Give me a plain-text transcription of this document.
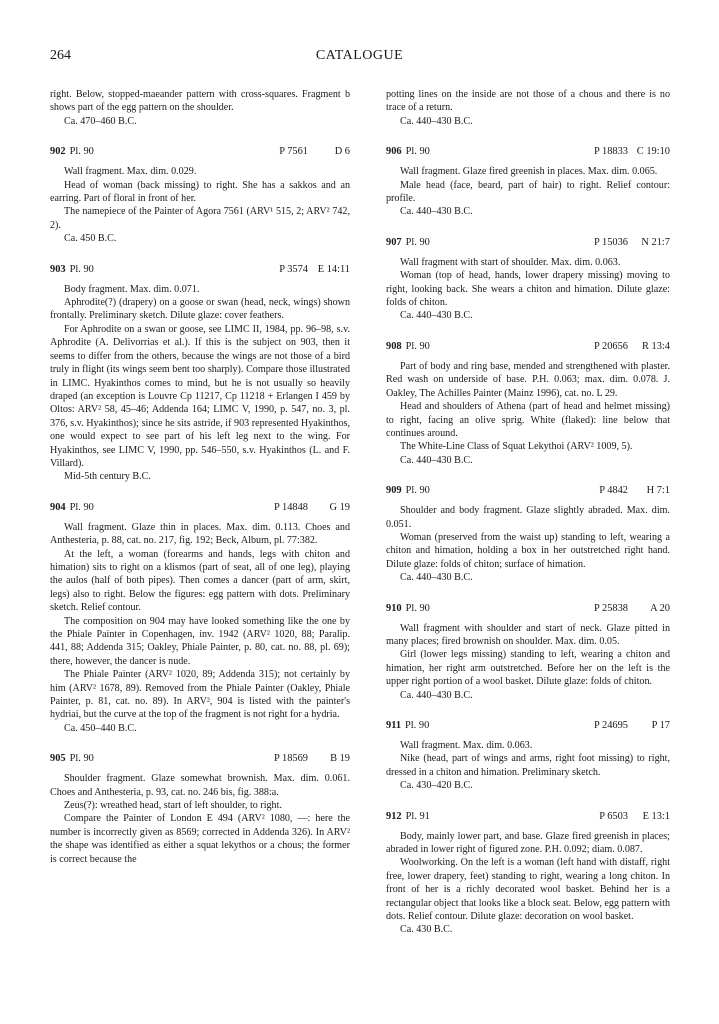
264	CATALOGUE

right. Below, stopped-maeander pattern with cross-squares. Fragment b shows part of the egg pattern on the shoulder.

Ca. 470–460 B.C.

902 Pl. 90	P 7561	D 6

Wall fragment. Max. dim. 0.029.

Head of woman (back missing) to right. She has a sakkos and an earring. Part of floral in front of her.

The namepiece of the Painter of Agora 7561 (ARV¹ 515, 2; ARV² 742, 2).

Ca. 450 B.C.

903 Pl. 90	P 3574 E 14:11

Body fragment. Max. dim. 0.071.

Aphrodite(?) (drapery) on a goose or swan (head, neck, wings) shown frontally. Preliminary sketch. Dilute glaze: cover feathers.

For Aphrodite on a swan or goose, see LIMC II, 1984, pp. 96–98, s.v. Aphrodite (A. Delivorrias et al.). If this is the subject on 903, then it seems to differ from the others, because the wings are not those of a bird truly in flight (its wings seem bent too sharply). Compare those illustrated in LIMC. Hyakinthos comes to mind, but he is not usually so heavily draped (an exception is Louvre Cp 11217, Cp 11218 + Erlangen I 459 by Oltos: ARV² 58, 45–46; Addenda 164; LIMC V, 1990, p. 547, no. 3, pl. 376, s.v. Hyakinthos); since he sits astride, if 903 represented Hyakinthos, one would expect to see part of his left leg next to the wing. For Hyakinthos, see LIMC V, 1990, pp. 546–550, s.v. Hyakinthos (L. and F. Villard).

Mid-5th century B.C.

904 Pl. 90	P 14848 G 19

Wall fragment. Glaze thin in places. Max. dim. 0.113. Choes and Anthesteria, p. 88, cat. no. 217, fig. 192; Beck, Album, pl. 77:382.

At the left, a woman (forearms and hands, legs with chiton and himation) sits to right on a klismos (part of seat, all of one leg), playing the aulos (half of both pipes). Then comes a dancer (part of arm, skirt, legs) also to right. Below the figures: egg pattern with dots. Preliminary sketch. Relief contour.

The composition on 904 may have looked something like the one by the Phiale Painter in Copenhagen, inv. 1942 (ARV² 1020, 88; Paralip. 441, 88; Addenda 315; Oakley, Phiale Painter, p. 80, cat. no. 88, pl. 69); there, however, the dancer is nude.

The Phiale Painter (ARV² 1020, 89; Addenda 315); not certainly by him (ARV² 1678, 89). Removed from the Phiale Painter (Oakley, Phiale Painter, p. 81, cat. no. 89). In ARV², 904 is listed with the painter's hydriai, but the curve at the top of the fragment is not right for a hydria.

Ca. 450–440 B.C.

905 Pl. 90	P 18569 B 19

Shoulder fragment. Glaze somewhat brownish. Max. dim. 0.061. Choes and Anthesteria, p. 93, cat. no. 246 bis, fig. 388:a.

Zeus(?): wreathed head, start of left shoulder, to right.

Compare the Painter of London E 494 (ARV² 1080, —: here the number is incorrectly given as 8569; corrected in Addenda 326). In ARV² the shape was identified as either a squat lekythos or a chous; the former is correct because the

potting lines on the inside are not those of a chous and there is no trace of a return.

Ca. 440–430 B.C.

906 Pl. 90	P 18833 C 19:10

Wall fragment. Glaze fired greenish in places. Max. dim. 0.065.

Male head (face, beard, part of hair) to right. Relief contour: profile.

Ca. 440–430 B.C.

907 Pl. 90	P 15036 N 21:7

Wall fragment with start of shoulder. Max. dim. 0.063.

Woman (top of head, hands, lower drapery missing) moving to right, looking back. She wears a chiton and himation. Dilute glaze: folds of chiton.

Ca. 440–430 B.C.

908 Pl. 90	P 20656 R 13:4

Part of body and ring base, mended and strengthened with plaster. Red wash on underside of base. P.H. 0.063; max. dim. 0.078. J. Oakley, The Achilles Painter (Mainz 1996), cat. no. L 29.

Head and shoulders of Athena (part of head and helmet missing) to right, facing an olive sprig. White (flaked): line below that continues around.

The White-Line Class of Squat Lekythoi (ARV² 1009, 5).

Ca. 440–430 B.C.

909 Pl. 90	P 4842 H 7:1

Shoulder and body fragment. Glaze slightly abraded. Max. dim. 0.051.

Woman (preserved from the waist up) standing to left, wearing a chiton and himation, holding a box in her outstretched right hand. Dilute glaze: folds of chiton; surface of himation.

Ca. 440–430 B.C.

910 Pl. 90	P 25838 A 20

Wall fragment with shoulder and start of neck. Glaze pitted in many places; fired brownish on shoulder. Max. dim. 0.05.

Girl (lower legs missing) standing to left, wearing a chiton and himation, her right arm outstretched. Before her on the left is the upper right portion of a wool basket. Dilute glaze: folds of chiton.

Ca. 440–430 B.C.

911 Pl. 90	P 24695 P 17

Wall fragment. Max. dim. 0.063.

Nike (head, part of wings and arms, right foot missing) to right, dressed in a chiton and himation. Preliminary sketch.

Ca. 430–420 B.C.

912 Pl. 91	P 6503 E 13:1

Body, mainly lower part, and base. Glaze fired greenish in places; abraded in lower right of figured zone. P.H. 0.092; diam. 0.087.

Woolworking. On the left is a woman (left hand with distaff, right free, lower drapery, feet) standing to right, wearing a long chiton. In front of her is a richly decorated wool basket. Behind her is a rectangular object that looks like a block seat. Below, egg pattern with dots. Relief contour. Dilute glaze: decoration on wool basket.

Ca. 430 B.C.
